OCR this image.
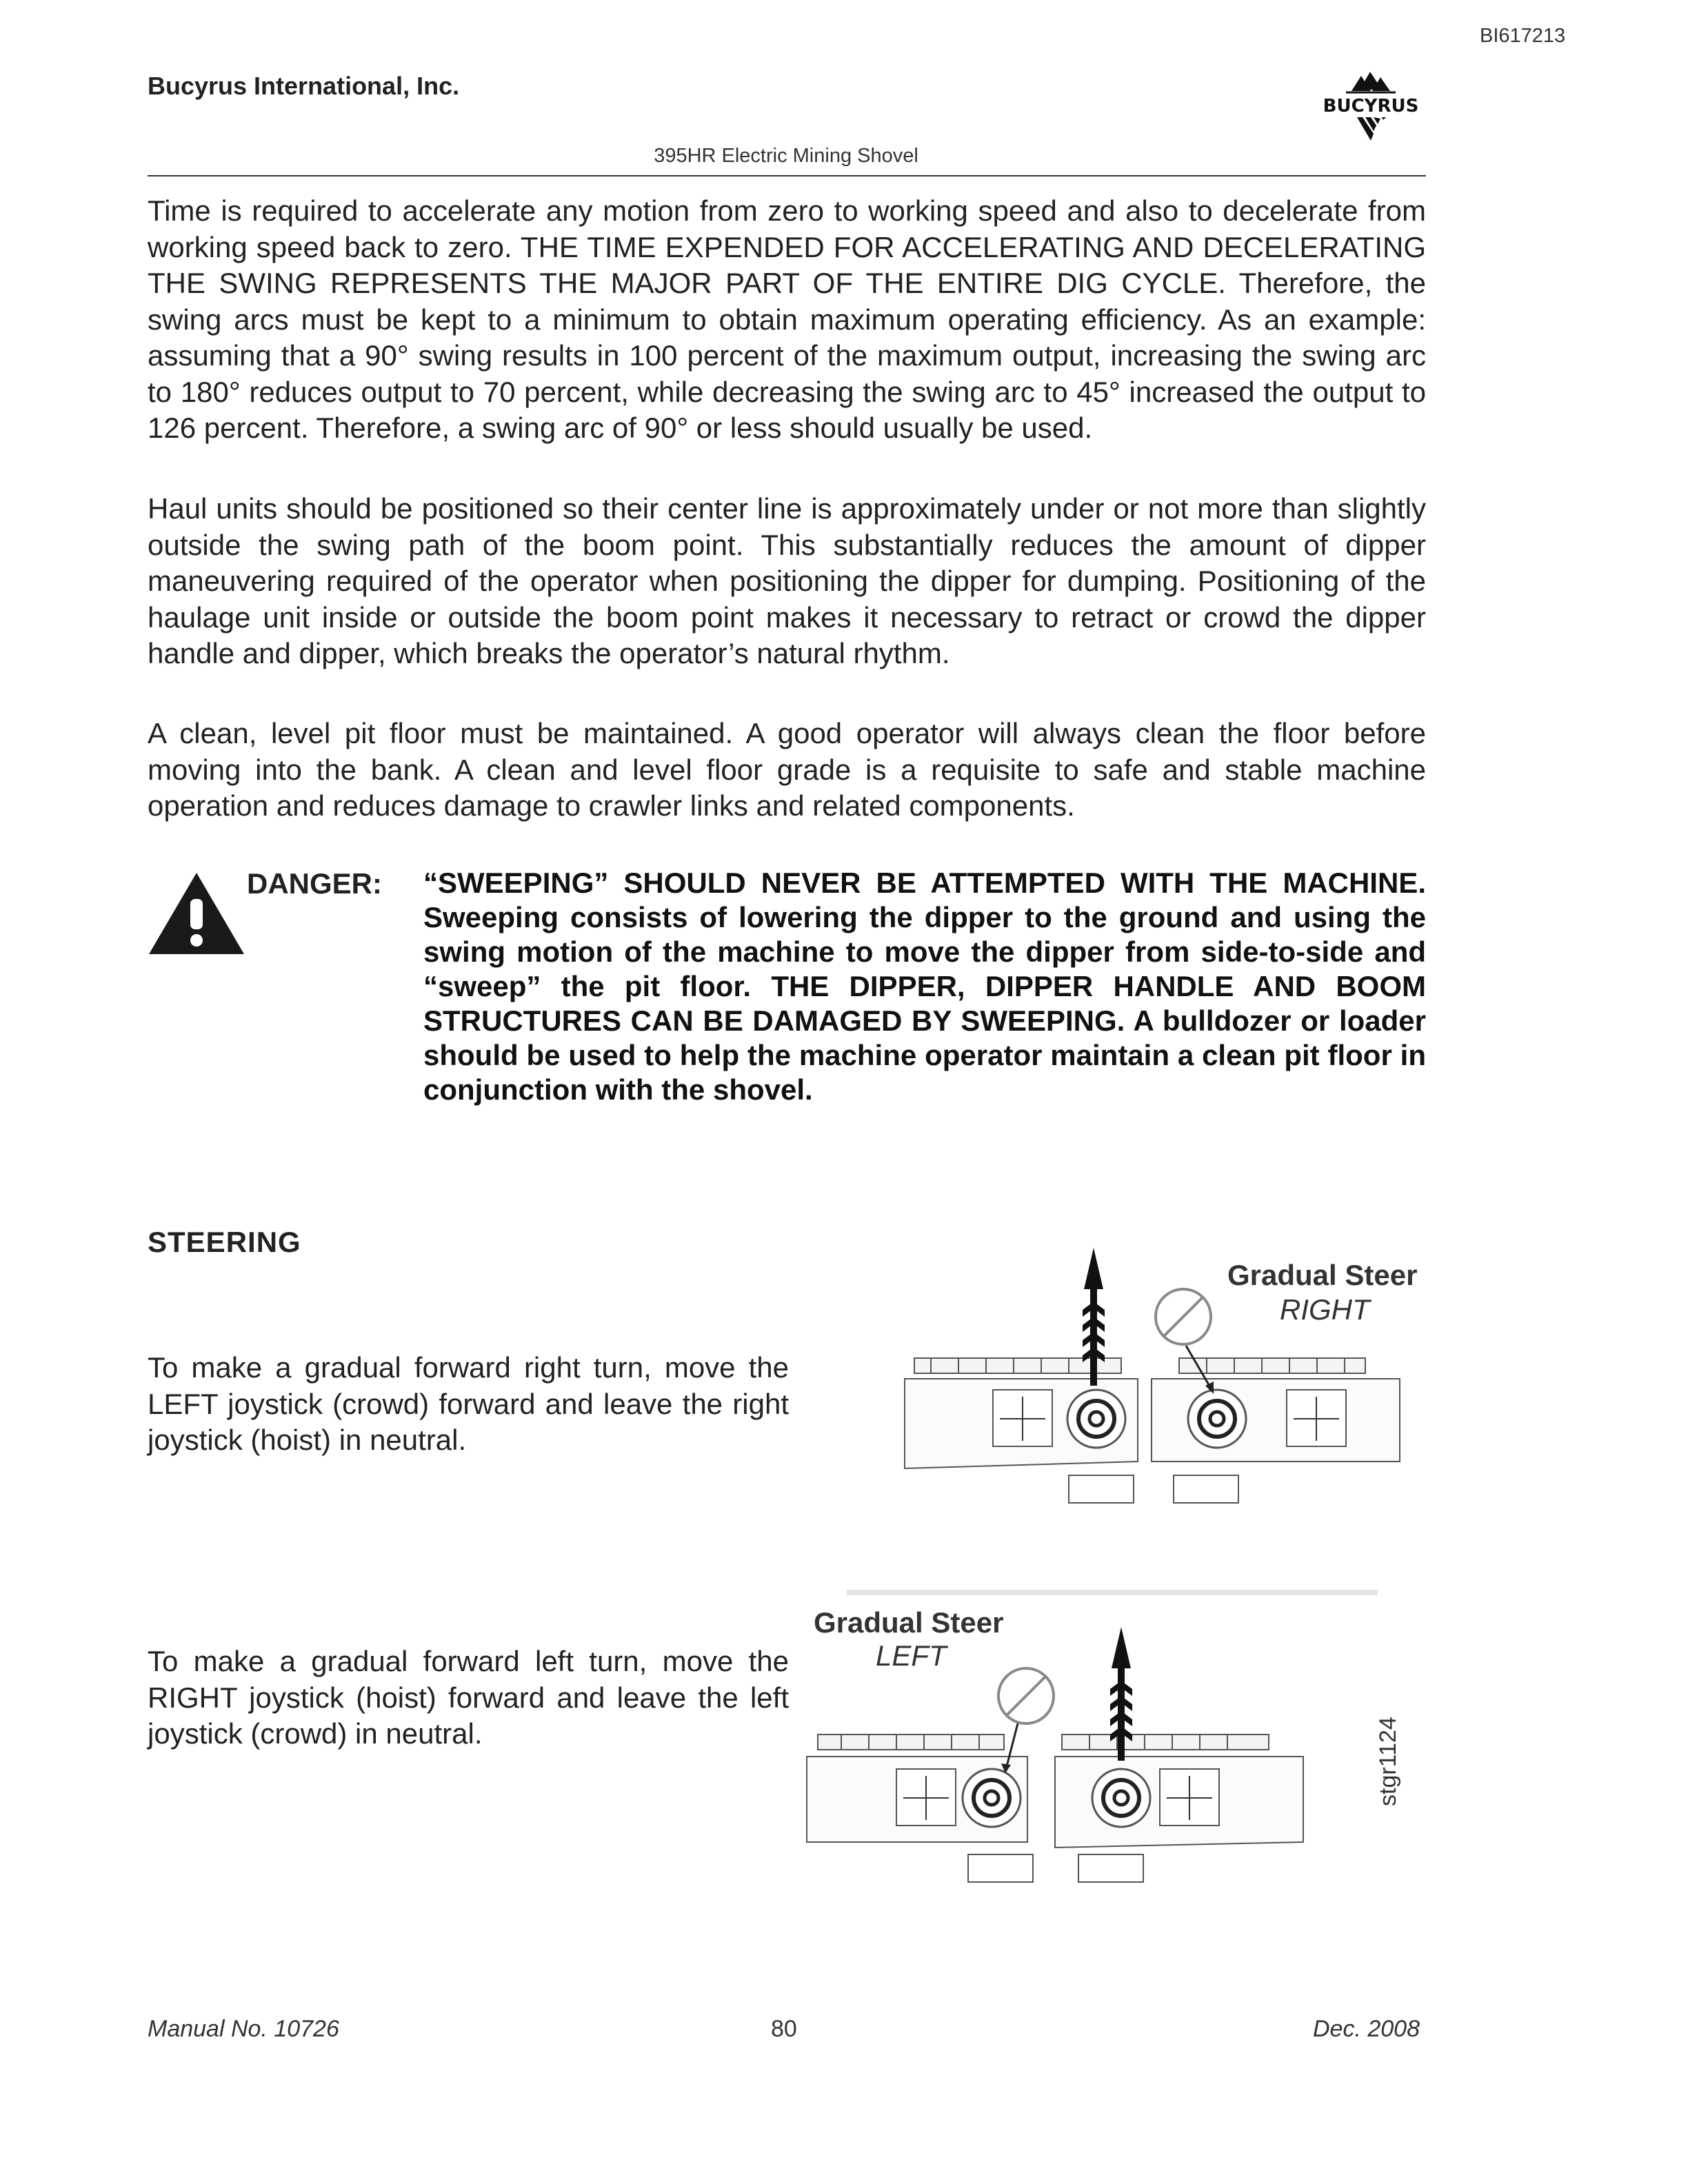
BI617213
Bucyrus International, Inc.
BUCYRUS
395HR Electric Mining Shovel
Time is required to accelerate any motion from zero to working speed and also to decelerate from working speed back to zero. THE TIME EXPENDED FOR ACCELERATING AND DECELERATING THE SWING REPRESENTS THE MAJOR PART OF THE ENTIRE DIG CYCLE. Therefore, the swing arcs must be kept to a minimum to obtain maximum operating efficiency. As an example: assuming that a 90° swing results in 100 percent of the maximum output, increasing the swing arc to 180° reduces output to 70 percent, while decreasing the swing arc to 45° increased the output to 126 percent. Therefore, a swing arc of 90° or less should usually be used.
Haul units should be positioned so their center line is approximately under or not more than slightly outside the swing path of the boom point. This substantially reduces the amount of dipper maneuvering required of the operator when positioning the dipper for dumping. Positioning of the haulage unit inside or outside the boom point makes it necessary to retract or crowd the dipper handle and dipper, which breaks the operator’s natural rhythm.
A clean, level pit floor must be maintained. A good operator will always clean the floor before moving into the bank. A clean and level floor grade is a requisite to safe and stable machine operation and reduces damage to crawler links and related components.
DANGER: “SWEEPING” SHOULD NEVER BE ATTEMPTED WITH THE MACHINE. Sweeping consists of lowering the dipper to the ground and using the swing motion of the machine to move the dipper from side-to-side and “sweep” the pit floor. THE DIPPER, DIPPER HANDLE AND BOOM STRUCTURES CAN BE DAMAGED BY SWEEPING. A bulldozer or loader should be used to help the machine operator maintain a clean pit floor in conjunction with the shovel.
STEERING
To make a gradual forward right turn, move the LEFT joystick (crowd) forward and leave the right joystick (hoist) in neutral.
To make a gradual forward left turn, move the RIGHT joystick (hoist) forward and leave the left joystick (crowd) in neutral.
Gradual Steer
RIGHT
Gradual Steer
LEFT
stgr1124
Manual No. 10726	80	Dec. 2008
